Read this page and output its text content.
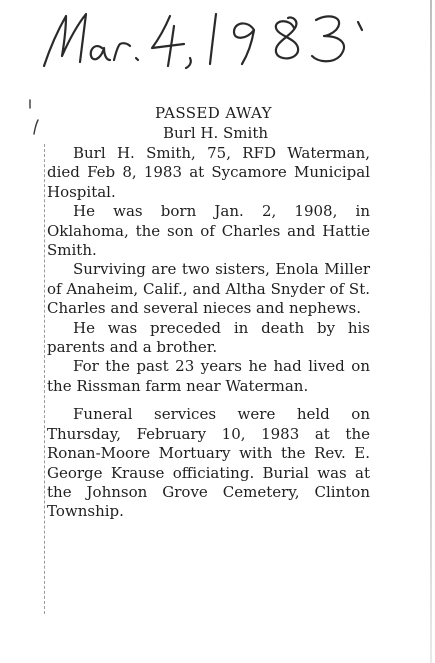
PASSED AWAY

Burl H. Smith

Burl H. Smith, 75, RFD Waterman, died Feb 8, 1983 at Sycamore Municipal Hospital.

He was born Jan. 2, 1908, in Oklahoma, the son of Charles and Hattie Smith.

Surviving are two sisters, Enola Miller of Anaheim, Calif., and Altha Snyder of St. Charles and several nieces and nephews.

He was preceded in death by his parents and a brother.

For the past 23 years he had lived on the Rissman farm near Waterman.

Funeral services were held on Thursday, February 10, 1983 at the Ronan-Moore Mortuary with the Rev. E. George Krause officiating. Burial was at the Johnson Grove Cemetery, Clinton Township.
